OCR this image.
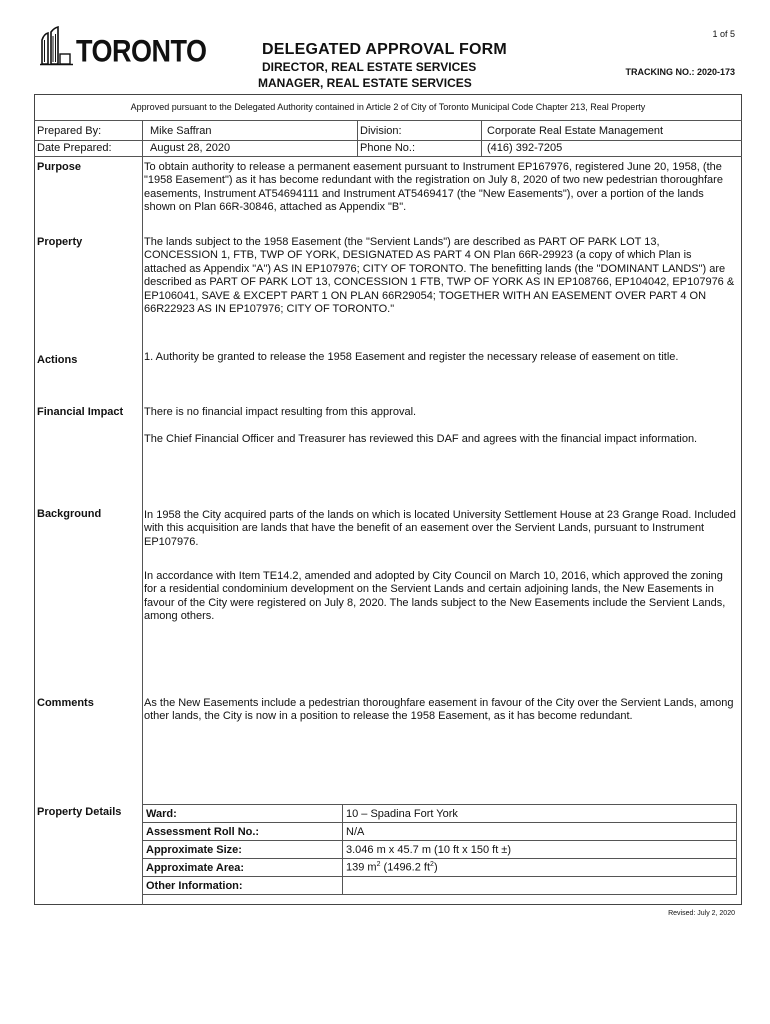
TORONTO	1 of 5
DELEGATED APPROVAL FORM
DIRECTOR, REAL ESTATE SERVICES
MANAGER, REAL ESTATE SERVICES
TRACKING NO.: 2020-173
Approved pursuant to the Delegated Authority contained in Article 2 of City of Toronto Municipal Code Chapter 213, Real Property
Prepared By:	Mike Saffran	Division:	Corporate Real Estate Management
Date Prepared:	August 28, 2020	Phone No.:	(416) 392-7205
Purpose	To obtain authority to release a permanent easement pursuant to Instrument EP167976, registered June 20, 1958, (the "1958 Easement") as it has become redundant with the registration on July 8, 2020 of two new pedestrian thoroughfare easements, Instrument AT54694111 and Instrument AT5469417 (the "New Easements"), over a portion of the lands shown on Plan 66R-30846, attached as Appendix "B".
Property	The lands subject to the 1958 Easement (the "Servient Lands") are described as PART OF PARK LOT 13, CONCESSION 1, FTB, TWP OF YORK, DESIGNATED AS PART 4 ON Plan 66R-29923 (a copy of which Plan is attached as Appendix "A") AS IN EP107976; CITY OF TORONTO. The benefitting lands (the "DOMINANT LANDS") are described as PART OF PARK LOT 13, CONCESSION 1 FTB, TWP OF YORK AS IN EP108766, EP104042, EP107976 & EP106041, SAVE & EXCEPT PART 1 ON PLAN 66R29054; TOGETHER WITH AN EASEMENT OVER PART 4 ON 66R22923 AS IN EP107976; CITY OF TORONTO."
Actions	1. Authority be granted to release the 1958 Easement and register the necessary release of easement on title.
Financial Impact There is no financial impact resulting from this approval.
The Chief Financial Officer and Treasurer has reviewed this DAF and agrees with the financial impact information.
Background	In 1958 the City acquired parts of the lands on which is located University Settlement House at 23 Grange Road. Included with this acquisition are lands that have the benefit of an easement over the Servient Lands, pursuant to Instrument EP107976.
In accordance with Item TE14.2, amended and adopted by City Council on March 10, 2016, which approved the zoning for a residential condominium development on the Servient Lands and certain adjoining lands, the New Easements in favour of the City were registered on July 8, 2020. The lands subject to the New Easements include the Servient Lands, among others.
Comments	As the New Easements include a pedestrian thoroughfare easement in favour of the City over the Servient Lands, among other lands, the City is now in a position to release the 1958 Easement, as it has become redundant.
Property Details Ward:	10 – Spadina Fort York
Assessment Roll No.:	N/A
Approximate Size:	3.046 m x 45.7 m (10 ft x 150 ft ±)
Approximate Area:	139 $m^2$ (1496.2 $ft^2$)
Other Information:	
Revised: July 2, 2020
